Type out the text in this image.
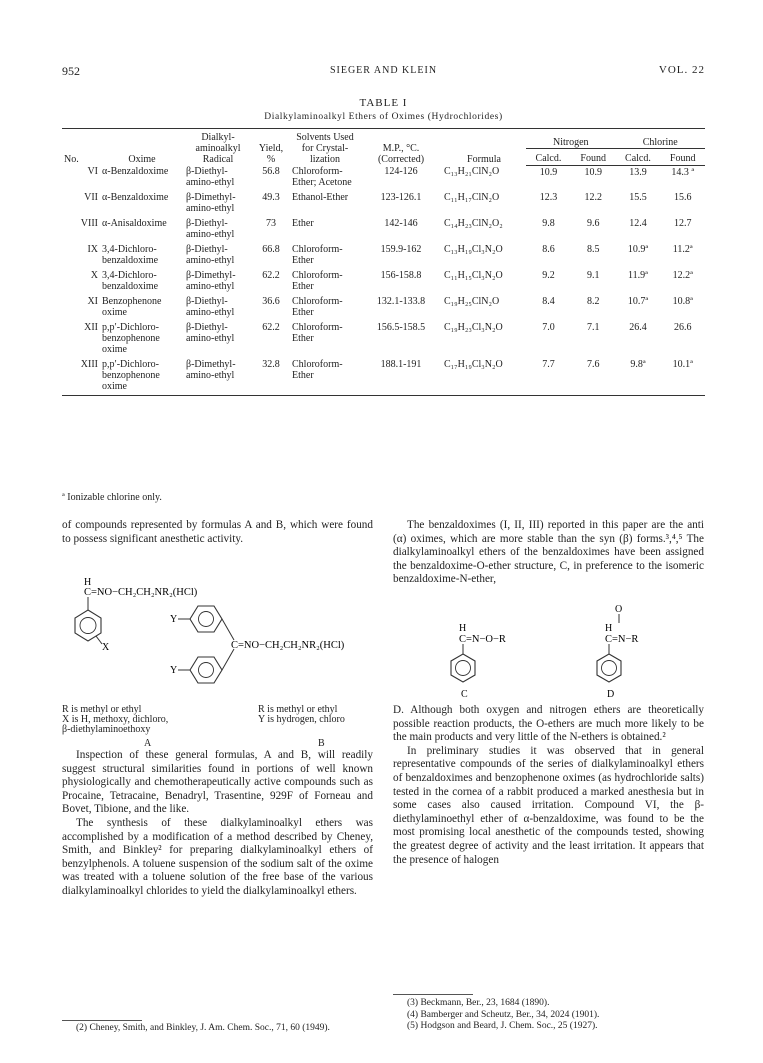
952	SIEGER AND KLEIN	VOL. 22
TABLE I
Dialkylaminoalkyl Ethers of Oximes (Hydrochlorides)
No.	Oxime	Dialkyl-aminoalkyl Radical	Yield, %	Solvents Used for Crystal-lization	M.P., °C. (Corrected)	Formula	Nitrogen		Chlorine	
							Calcd.	Found	Calcd.	Found
VI	α-Benzaldoxime	β-Diethyl-amino-ethyl	56.8	Chloroform-Ether; Acetone	124-126	C₁₃H₂₁ClN₂O	10.9	10.9	13.9	14.3 ª
VII	α-Benzaldoxime	β-Dimethyl-amino-ethyl	49.3	Ethanol-Ether	123-126.1	C₁₁H₁₇ClN₂O	12.3	12.2	15.5	15.6
VIII	α-Anisaldoxime	β-Diethyl-amino-ethyl	73	Ether	142-146	C₁₄H₂₃ClN₂O₂	9.8	9.6	12.4	12.7
IX	3,4-Dichloro-benzaldoxime	β-Diethyl-amino-ethyl	66.8	Chloroform-Ether	159.9-162	C₁₃H₁₉Cl₃N₂O	8.6	8.5	10.9ª	11.2ª
X	3,4-Dichloro-benzaldoxime	β-Dimethyl-amino-ethyl	62.2	Chloroform-Ether	156-158.8	C₁₁H₁₅Cl₃N₂O	9.2	9.1	11.9ª	12.2ª
XI	Benzophenone oxime	β-Diethyl-amino-ethyl	36.6	Chloroform-Ether	132.1-133.8	C₁₉H₂₅ClN₂O	8.4	8.2	10.7ª	10.8ª
XII	p,p′-Dichloro-benzophenone oxime	β-Diethyl-amino-ethyl	62.2	Chloroform-Ether	156.5-158.5	C₁₉H₂₃Cl₃N₂O	7.0	7.1	26.4	26.6
XIII	p,p′-Dichloro-benzophenone oxime	β-Dimethyl-amino-ethyl	32.8	Chloroform-Ether	188.1-191	C₁₇H₁₉Cl₃N₂O	7.7	7.6	9.8ª	10.1ª
ª Ionizable chlorine only.

of compounds represented by formulas A and B, which were found to possess significant anesthetic activity.

H
C=NO−CH₂CH₂NR₂(HCl)
X
Y
Y
C=NO−CH₂CH₂NR₂(HCl)
R is methyl or ethyl
X is H, methoxy, dichloro,
β-diethylaminoethoxy
R is methyl or ethyl
Y is hydrogen, chloro
A	B

Inspection of these general formulas, A and B, will readily suggest structural similarities found in portions of well known physiologically and chemotherapeutically active compounds such as Procaine, Tetracaine, Benadryl, Trasentine, 929F of Forneau and Bovet, Tibione, and the like.

The synthesis of these dialkylaminoalkyl ethers was accomplished by a modification of a method described by Cheney, Smith, and Binkley² for preparing dialkylaminoalkyl ethers of benzylphenols. A toluene suspension of the sodium salt of the oxime was treated with a toluene solution of the free base of the various dialkylaminoalkyl chlorides to yield the dialkylaminoalkyl ethers.

(2) Cheney, Smith, and Binkley, J. Am. Chem. Soc., 71, 60 (1949).

The benzaldoximes (I, II, III) reported in this paper are the anti (α) oximes, which are more stable than the syn (β) forms.³,⁴,⁵ The dialkylaminoalkyl ethers of the benzaldoximes have been assigned the benzaldoxime-O-ether structure, C, in preference to the isomeric benzaldoxime-N-ether,

H
C=N−O−R
O
H
C=N−R
C	D

D. Although both oxygen and nitrogen ethers are theoretically possible reaction products, the O-ethers are much more likely to be the main products and very little of the N-ethers is obtained.²

In preliminary studies it was observed that in general representative compounds of the series of dialkylaminoalkyl ethers of benzaldoximes and benzophenone oximes (as hydrochloride salts) tested in the cornea of a rabbit produced a marked anesthesia but in some cases also caused irritation. Compound VI, the β-diethylaminoethyl ether of α-benzaldoxime, was found to be the most promising local anesthetic of the compounds tested, showing the greatest degree of activity and the least irritation. It appears that the presence of halogen

(3) Beckmann, Ber., 23, 1684 (1890).
(4) Bamberger and Scheutz, Ber., 34, 2024 (1901).
(5) Hodgson and Beard, J. Chem. Soc., 25 (1927).
